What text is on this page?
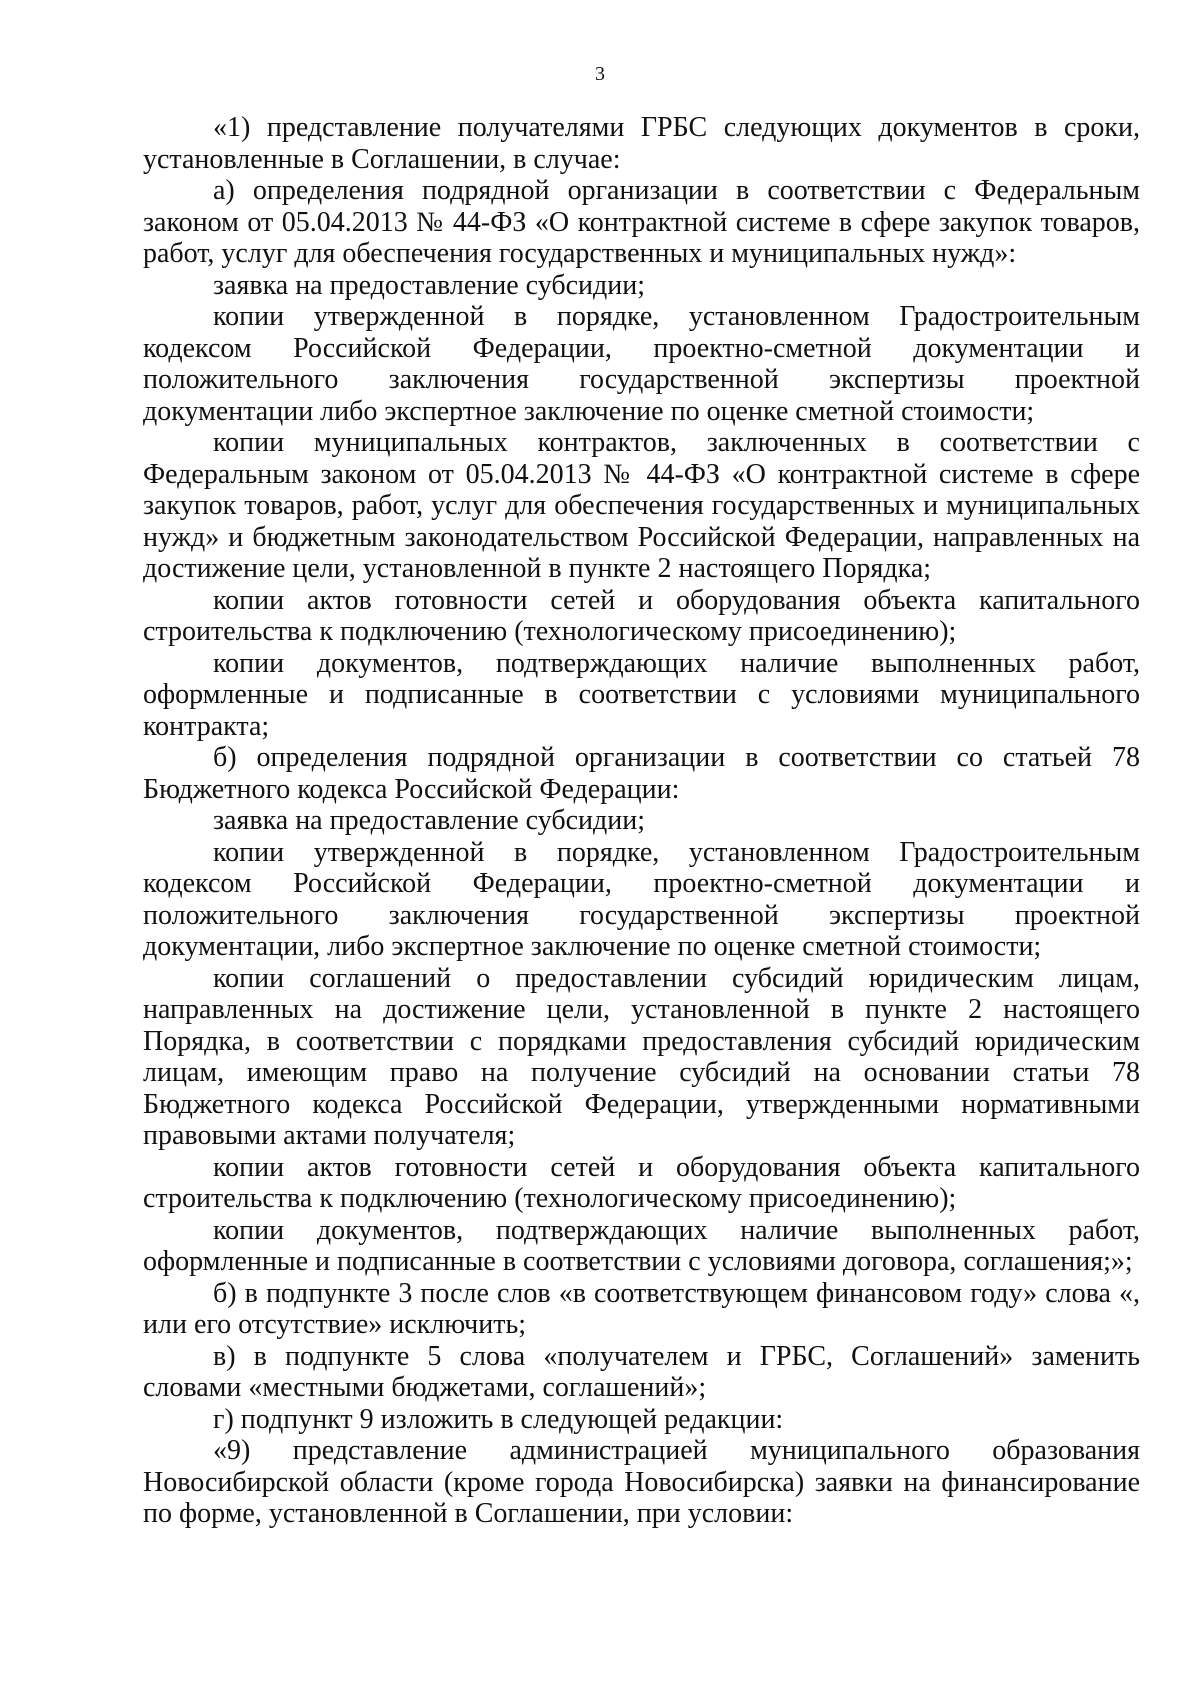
3

«1) представление получателями ГРБС следующих документов в сроки, установленные в Соглашении, в случае:

а) определения подрядной организации в соответствии с Федеральным законом от 05.04.2013 № 44-ФЗ «О контрактной системе в сфере закупок товаров, работ, услуг для обеспечения государственных и муниципальных нужд»:

заявка на предоставление субсидии;

копии утвержденной в порядке, установленном Градостроительным кодексом Российской Федерации, проектно-сметной документации и положительного заключения государственной экспертизы проектной документации либо экспертное заключение по оценке сметной стоимости;

копии муниципальных контрактов, заключенных в соответствии с Федеральным законом от 05.04.2013 № 44-ФЗ «О контрактной системе в сфере закупок товаров, работ, услуг для обеспечения государственных и муниципальных нужд» и бюджетным законодательством Российской Федерации, направленных на достижение цели, установленной в пункте 2 настоящего Порядка;

копии актов готовности сетей и оборудования объекта капитального строительства к подключению (технологическому присоединению);

копии документов, подтверждающих наличие выполненных работ, оформленные и подписанные в соответствии с условиями муниципального контракта;

б) определения подрядной организации в соответствии со статьей 78 Бюджетного кодекса Российской Федерации:

заявка на предоставление субсидии;

копии утвержденной в порядке, установленном Градостроительным кодексом Российской Федерации, проектно-сметной документации и положительного заключения государственной экспертизы проектной документации, либо экспертное заключение по оценке сметной стоимости;

копии соглашений о предоставлении субсидий юридическим лицам, направленных на достижение цели, установленной в пункте 2 настоящего Порядка, в соответствии с порядками предоставления субсидий юридическим лицам, имеющим право на получение субсидий на основании статьи 78 Бюджетного кодекса Российской Федерации, утвержденными нормативными правовыми актами получателя;

копии актов готовности сетей и оборудования объекта капитального строительства к подключению (технологическому присоединению);

копии документов, подтверждающих наличие выполненных работ, оформленные и подписанные в соответствии с условиями договора, соглашения;»;

б) в подпункте 3 после слов «в соответствующем финансовом году» слова «, или его отсутствие» исключить;

в) в подпункте 5 слова «получателем и ГРБС, Соглашений» заменить словами «местными бюджетами, соглашений»;

г) подпункт 9 изложить в следующей редакции:

«9) представление администрацией муниципального образования Новосибирской области (кроме города Новосибирска) заявки на финансирование по форме, установленной в Соглашении, при условии:
